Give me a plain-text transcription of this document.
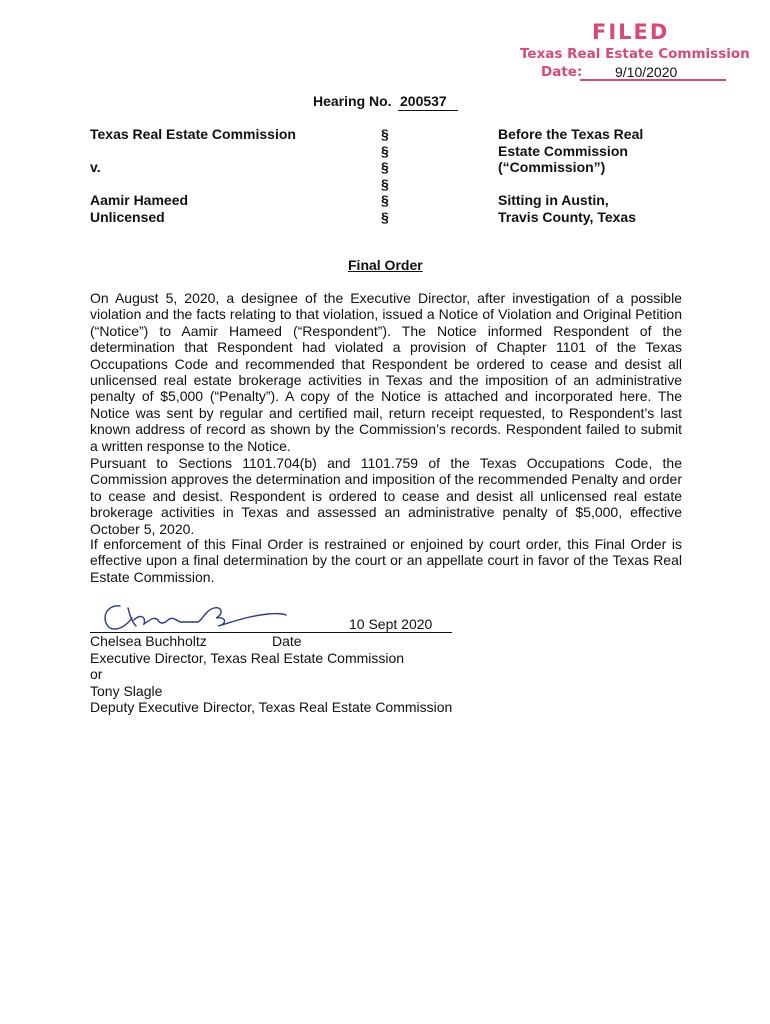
FILED
Texas Real Estate Commission
Date: 9/10/2020
Hearing No. 200537
Texas Real Estate Commission
v.
Aamir Hameed
Unlicensed
§
§
§
§
§
§
Before the Texas Real
Estate Commission
(“Commission”)
Sitting in Austin,
Travis County, Texas
Final Order
On August 5, 2020, a designee of the Executive Director, after investigation of a possible violation and the facts relating to that violation, issued a Notice of Violation and Original Petition (“Notice”) to Aamir Hameed (“Respondent”). The Notice informed Respondent of the determination that Respondent had violated a provision of Chapter 1101 of the Texas Occupations Code and recommended that Respondent be ordered to cease and desist all unlicensed real estate brokerage activities in Texas and the imposition of an administrative penalty of $5,000 (“Penalty”). A copy of the Notice is attached and incorporated here. The Notice was sent by regular and certified mail, return receipt requested, to Respondent’s last known address of record as shown by the Commission’s records. Respondent failed to submit a written response to the Notice.
Pursuant to Sections 1101.704(b) and 1101.759 of the Texas Occupations Code, the Commission approves the determination and imposition of the recommended Penalty and order to cease and desist. Respondent is ordered to cease and desist all unlicensed real estate brokerage activities in Texas and assessed an administrative penalty of $5,000, effective October 5, 2020.
If enforcement of this Final Order is restrained or enjoined by court order, this Final Order is effective upon a final determination by the court or an appellate court in favor of the Texas Real Estate Commission.
10 Sept 2020
Chelsea Buchholtz	Date
Executive Director, Texas Real Estate Commission
or
Tony Slagle
Deputy Executive Director, Texas Real Estate Commission
